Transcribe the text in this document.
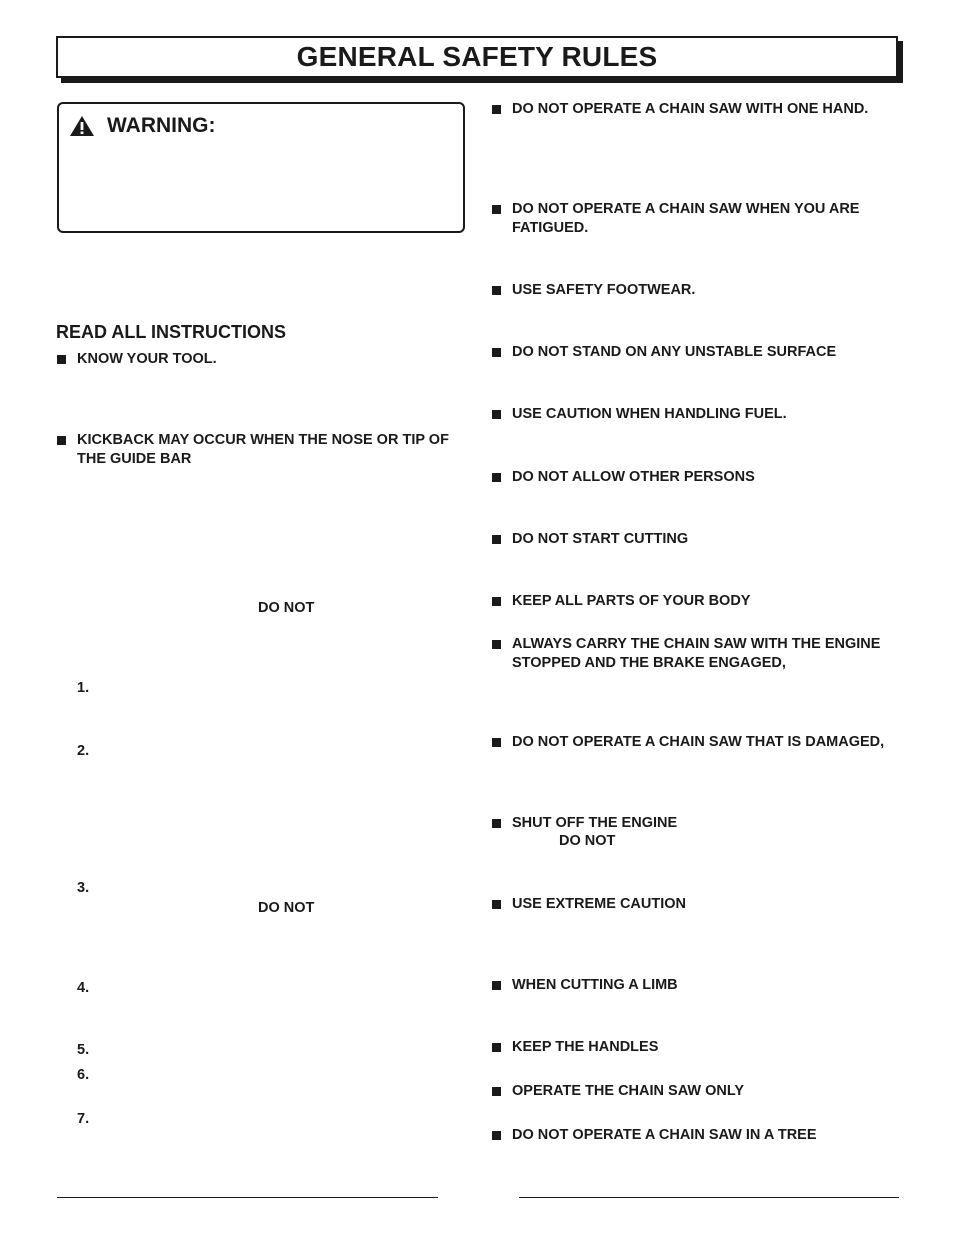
GENERAL SAFETY RULES
WARNING:
READ ALL INSTRUCTIONS
KNOW YOUR TOOL.
KICKBACK MAY OCCUR WHEN THE NOSE OR TIP OF THE GUIDE BAR
DO NOT
1.
2.
3.
DO NOT
4.
5.
6.
7.
DO NOT OPERATE A CHAIN SAW WITH ONE HAND.
DO NOT OPERATE A CHAIN SAW WHEN YOU ARE FATIGUED.
USE SAFETY FOOTWEAR.
DO NOT STAND ON ANY UNSTABLE SURFACE
USE CAUTION WHEN HANDLING FUEL.
DO NOT ALLOW OTHER PERSONS
DO NOT START CUTTING
KEEP ALL PARTS OF YOUR BODY
ALWAYS CARRY THE CHAIN SAW WITH THE ENGINE STOPPED AND THE BRAKE ENGAGED,
DO NOT OPERATE A CHAIN SAW THAT IS DAMAGED,
SHUT OFF THE ENGINE
DO NOT
USE EXTREME CAUTION
WHEN CUTTING A LIMB
KEEP THE HANDLES
OPERATE THE CHAIN SAW ONLY
DO NOT OPERATE A CHAIN SAW IN A TREE
